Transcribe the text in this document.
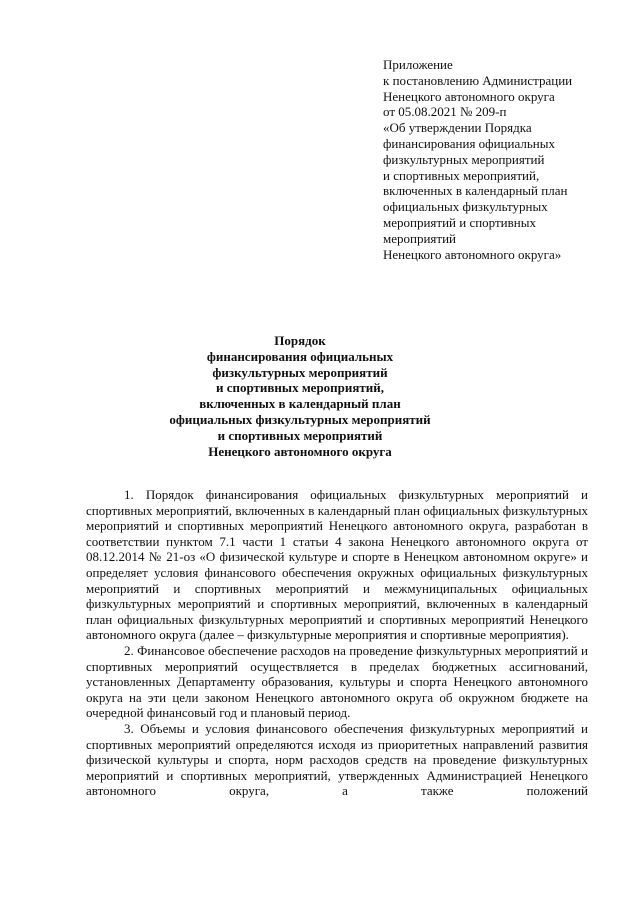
Приложение
к постановлению Администрации
Ненецкого автономного округа
от 05.08.2021 № 209-п
«Об утверждении Порядка
финансирования официальных
физкультурных мероприятий
и спортивных мероприятий,
включенных в календарный план
официальных физкультурных
мероприятий и спортивных
мероприятий
Ненецкого автономного округа»
Порядок
финансирования официальных
физкультурных мероприятий
и спортивных мероприятий,
включенных в календарный план
официальных физкультурных мероприятий
и спортивных мероприятий
Ненецкого автономного округа

1. Порядок финансирования официальных физкультурных мероприятий и спортивных мероприятий, включенных в календарный план официальных физкультурных мероприятий и спортивных мероприятий Ненецкого автономного округа, разработан в соответствии пунктом 7.1 части 1 статьи 4 закона Ненецкого автономного округа от 08.12.2014 № 21-оз «О физической культуре и спорте в Ненецком автономном округе» и определяет условия финансового обеспечения окружных официальных физкультурных мероприятий и спортивных мероприятий и межмуниципальных официальных физкультурных мероприятий и спортивных мероприятий, включенных в календарный план официальных физкультурных мероприятий и спортивных мероприятий Ненецкого автономного округа (далее – физкультурные мероприятия и спортивные мероприятия).

2. Финансовое обеспечение расходов на проведение физкультурных мероприятий и спортивных мероприятий осуществляется в пределах бюджетных ассигнований, установленных Департаменту образования, культуры и спорта Ненецкого автономного округа на эти цели законом Ненецкого автономного округа об окружном бюджете на очередной финансовый год и плановый период.

3. Объемы и условия финансового обеспечения физкультурных мероприятий и спортивных мероприятий определяются исходя из приоритетных направлений развития физической культуры и спорта, норм расходов средств на проведение физкультурных мероприятий и спортивных мероприятий, утвержденных Администрацией Ненецкого автономного округа, а также положений
